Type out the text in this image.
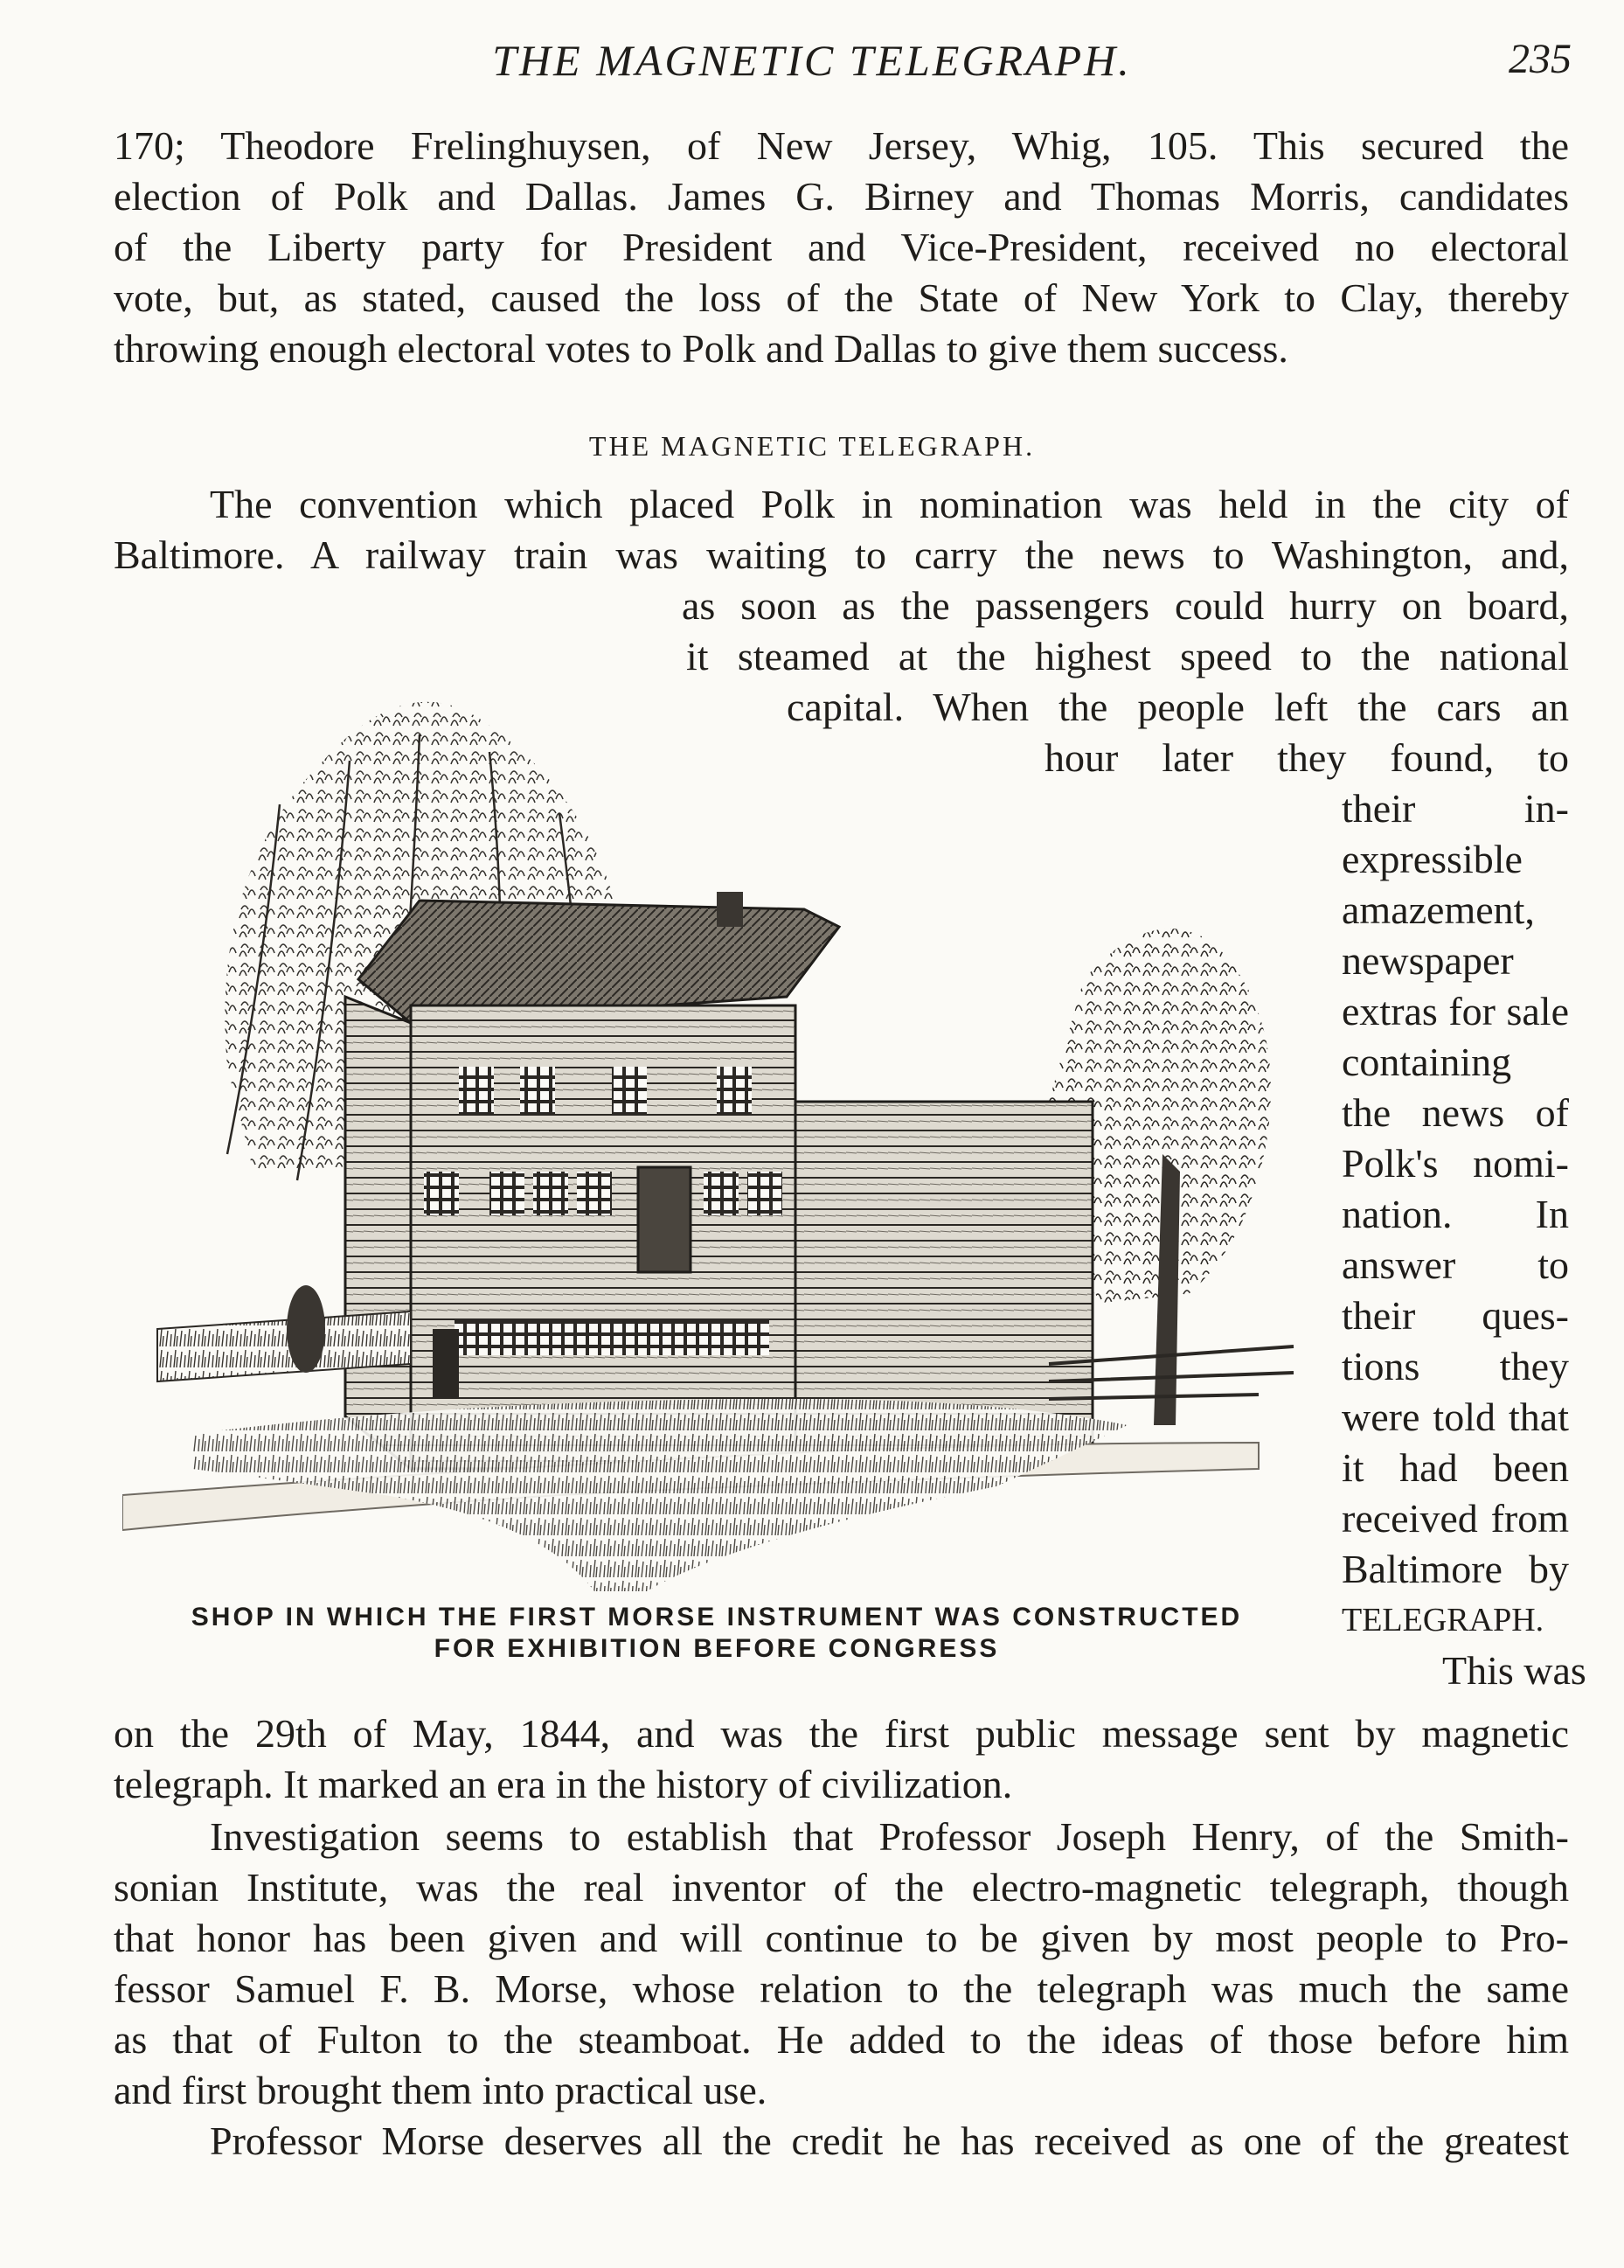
THE MAGNETIC TELEGRAPH.	235
170; Theodore Frelinghuysen, of New Jersey, Whig, 105. This secured the
election of Polk and Dallas. James G. Birney and Thomas Morris, candidates
of the Liberty party for President and Vice-President, received no electoral
vote, but, as stated, caused the loss of the State of New York to Clay, thereby
throwing enough electoral votes to Polk and Dallas to give them success.
THE MAGNETIC TELEGRAPH.
The convention which placed Polk in nomination was held in the city of
Baltimore. A railway train was waiting to carry the news to Washington, and,
as soon as the passengers could hurry on board,
it steamed at the highest speed to the national
capital. When the people left the cars an
hour later they found, to
their in-
expressible
amazement,
newspaper
extras for sale
containing
the news of
Polk's nomi-
nation. In
answer to
their ques-
tions they
were told that
it had been
received from
Baltimore by
TELEGRAPH.
This was
SHOP IN WHICH THE FIRST MORSE INSTRUMENT WAS CONSTRUCTED
FOR EXHIBITION BEFORE CONGRESS
on the 29th of May, 1844, and was the first public message sent by magnetic
telegraph. It marked an era in the history of civilization.
Investigation seems to establish that Professor Joseph Henry, of the Smith-
sonian Institute, was the real inventor of the electro-magnetic telegraph, though
that honor has been given and will continue to be given by most people to Pro-
fessor Samuel F. B. Morse, whose relation to the telegraph was much the same
as that of Fulton to the steamboat. He added to the ideas of those before him
and first brought them into practical use.
Professor Morse deserves all the credit he has received as one of the greatest
